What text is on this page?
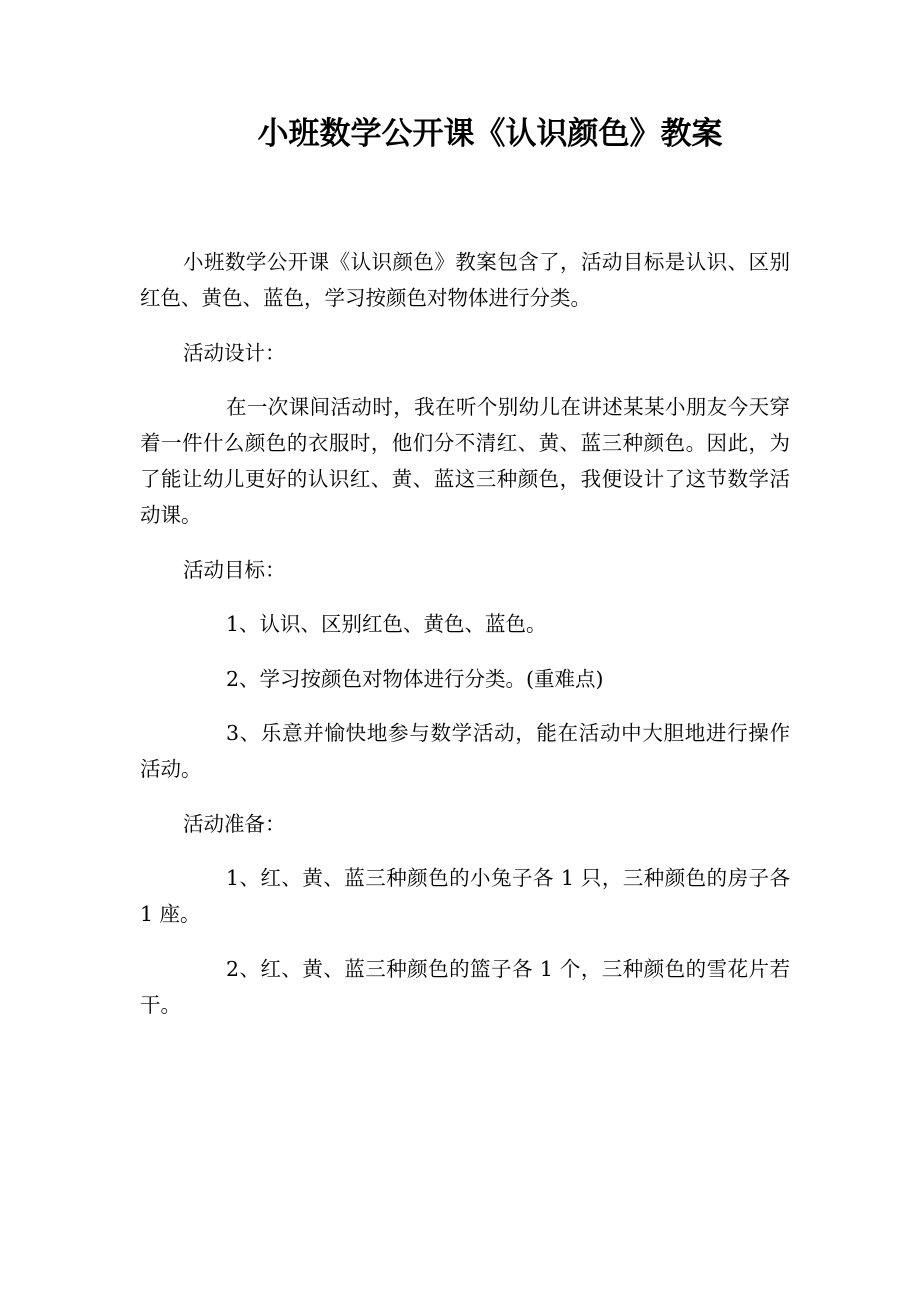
小班数学公开课《认识颜色》教案

小班数学公开课《认识颜色》教案包含了，活动目标是认识、区别红色、黄色、蓝色，学习按颜色对物体进行分类。

活动设计：

在一次课间活动时，我在听个别幼儿在讲述某某小朋友今天穿着一件什么颜色的衣服时，他们分不清红、黄、蓝三种颜色。因此，为了能让幼儿更好的认识红、黄、蓝这三种颜色，我便设计了这节数学活动课。

活动目标：

1、认识、区别红色、黄色、蓝色。

2、学习按颜色对物体进行分类。(重难点)

3、乐意并愉快地参与数学活动，能在活动中大胆地进行操作活动。

活动准备：

1、红、黄、蓝三种颜色的小兔子各 1 只，三种颜色的房子各 1 座。

2、红、黄、蓝三种颜色的篮子各 1 个，三种颜色的雪花片若干。
